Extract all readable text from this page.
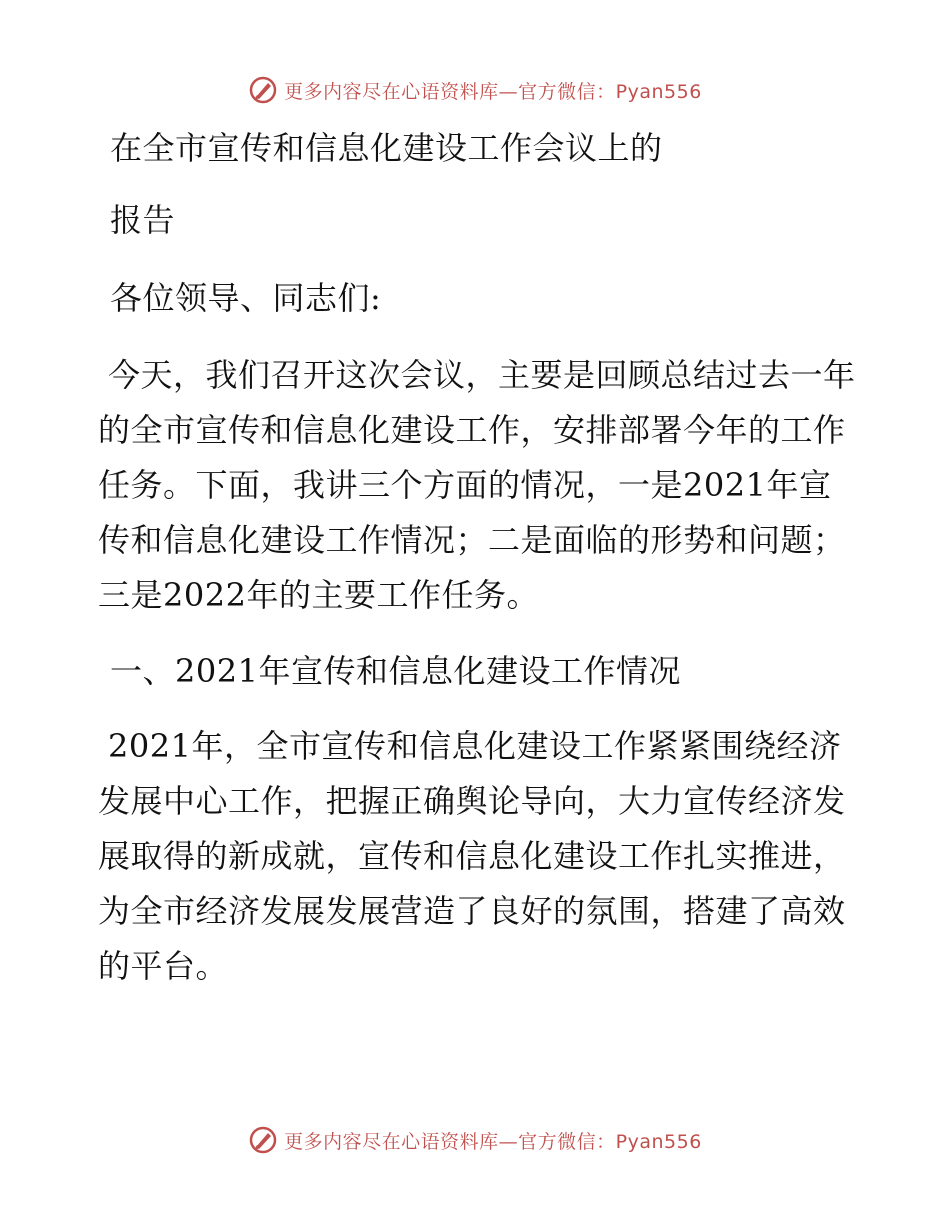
更多内容尽在心语资料库—官方微信：Pyan556

在全市宣传和信息化建设工作会议上的

报告

各位领导、同志们:

今天，我们召开这次会议，主要是回顾总结过去一年的全市宣传和信息化建设工作，安排部署今年的工作任务。下面，我讲三个方面的情况，一是2021年宣传和信息化建设工作情况；二是面临的形势和问题；三是2022年的主要工作任务。

一、2021年宣传和信息化建设工作情况

2021年，全市宣传和信息化建设工作紧紧围绕经济发展中心工作，把握正确舆论导向，大力宣传经济发展取得的新成就，宣传和信息化建设工作扎实推进，为全市经济发展发展营造了良好的氛围，搭建了高效的平台。

更多内容尽在心语资料库—官方微信：Pyan556
